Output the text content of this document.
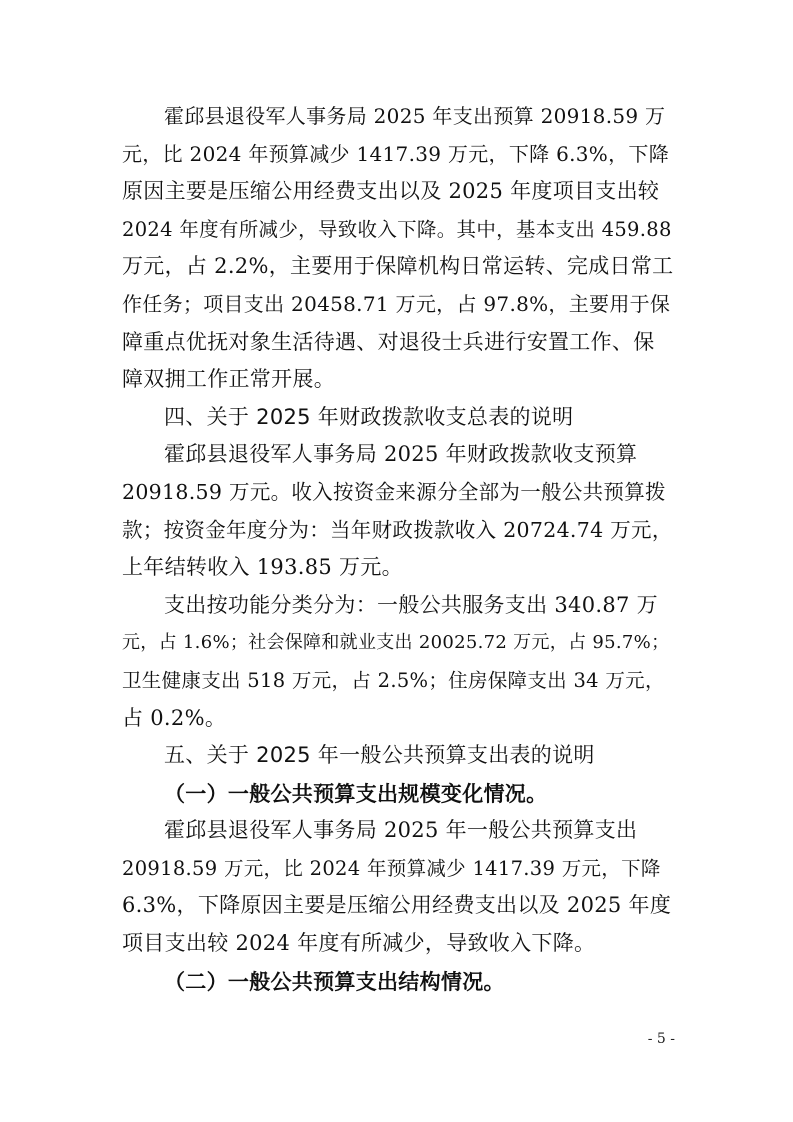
霍邱县退役军人事务局 2025 年支出预算 20918.59 万
元，比 2024 年预算减少 1417.39 万元，下降 6.3%，下降
原因主要是压缩公用经费支出以及 2025 年度项目支出较
2024 年度有所减少，导致收入下降。其中，基本支出 459.88
万元，占 2.2%，主要用于保障机构日常运转、完成日常工
作任务；项目支出 20458.71 万元，占 97.8%，主要用于保
障重点优抚对象生活待遇、对退役士兵进行安置工作、保
障双拥工作正常开展。
四、关于 2025 年财政拨款收支总表的说明
霍邱县退役军人事务局 2025 年财政拨款收支预算
20918.59 万元。收入按资金来源分全部为一般公共预算拨
款；按资金年度分为：当年财政拨款收入 20724.74 万元，
上年结转收入 193.85 万元。
支出按功能分类分为：一般公共服务支出 340.87 万
元，占 1.6%；社会保障和就业支出 20025.72 万元，占 95.7%；
卫生健康支出 518 万元，占 2.5%；住房保障支出 34 万元，
占 0.2%。
五、关于 2025 年一般公共预算支出表的说明
（一）一般公共预算支出规模变化情况。
霍邱县退役军人事务局 2025 年一般公共预算支出
20918.59 万元，比 2024 年预算减少 1417.39 万元，下降
6.3%，下降原因主要是压缩公用经费支出以及 2025 年度
项目支出较 2024 年度有所减少，导致收入下降。
（二）一般公共预算支出结构情况。
- 5 -
